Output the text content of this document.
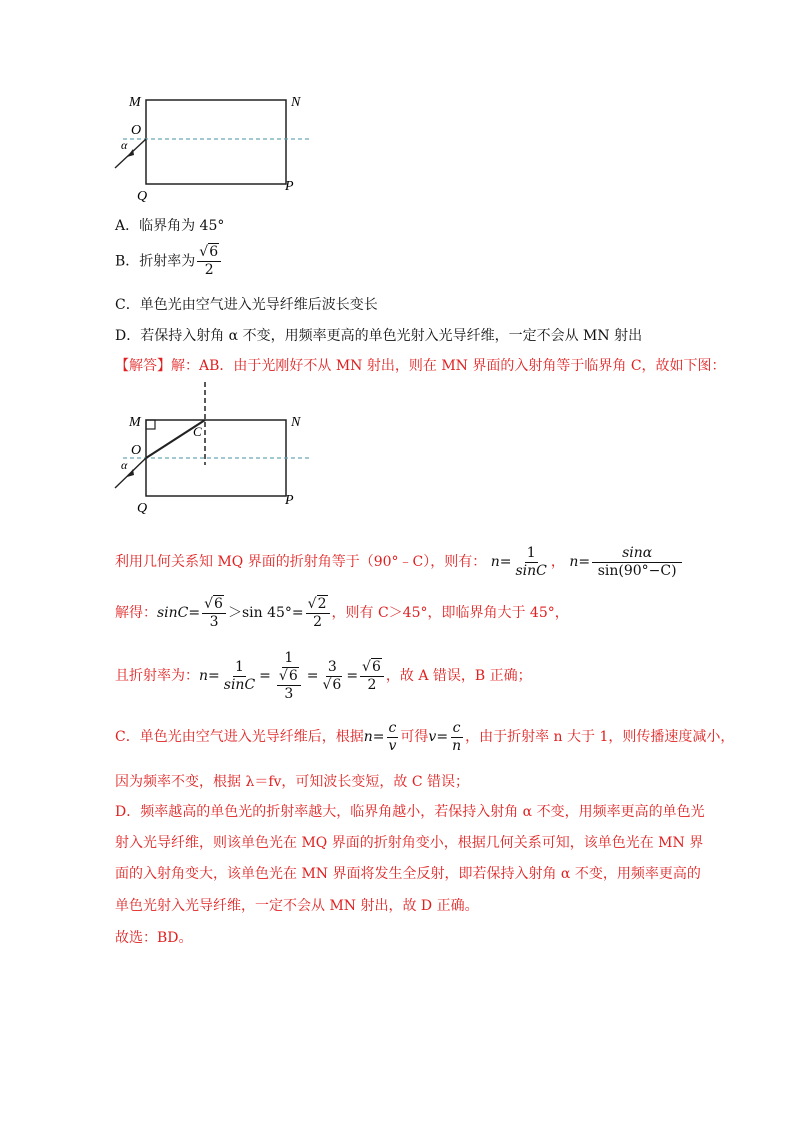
M	N
O
α
Q
P
A．临界角为 45°
B．折射率为 $\frac{√6}{2}$
C．单色光由空气进入光导纤维后波长变长
D．若保持入射角 α 不变，用频率更高的单色光射入光导纤维，一定不会从 MN 射出
【解答】解：AB．由于光刚好不从 MN 射出，则在 MN 界面的入射角等于临界角 C，故如下图：
M	N
C
O
α
Q
P
利用几何关系知 MQ 界面的折射角等于（90°﹣C），则有： $n= \frac{1}{\sin C}$ ， $n= \frac{\sin\alpha}{\sin(90^\circ-C)}$
解得：$\sin C= \frac{√6}{3} >\sin$ $45^\circ= \frac{√2}{2}$ ，则有 C＞45°，即临界角大于 45°，
且折射率为：$n= \frac{1}{\sin C} = \frac{1}{\frac{√6}{3}} = \frac{3}{√6} = \frac{√6}{2}$ ，故 A 错误，B 正确；
C．单色光由空气进入光导纤维后，根据$n= \frac{c}{v}$ 可得$v= \frac{c}{n}$ ，由于折射率 n 大于 1，则传播速度减小，
因为频率不变，根据 λ＝fv，可知波长变短，故 C 错误；
D．频率越高的单色光的折射率越大，临界角越小，若保持入射角 α 不变，用频率更高的单色光
射入光导纤维，则该单色光在 MQ 界面的折射角变小，根据几何关系可知，该单色光在 MN 界
面的入射角变大，该单色光在 MN 界面将发生全反射，即若保持入射角 α 不变，用频率更高的
单色光射入光导纤维，一定不会从 MN 射出，故 D 正确。
故选：BD。
